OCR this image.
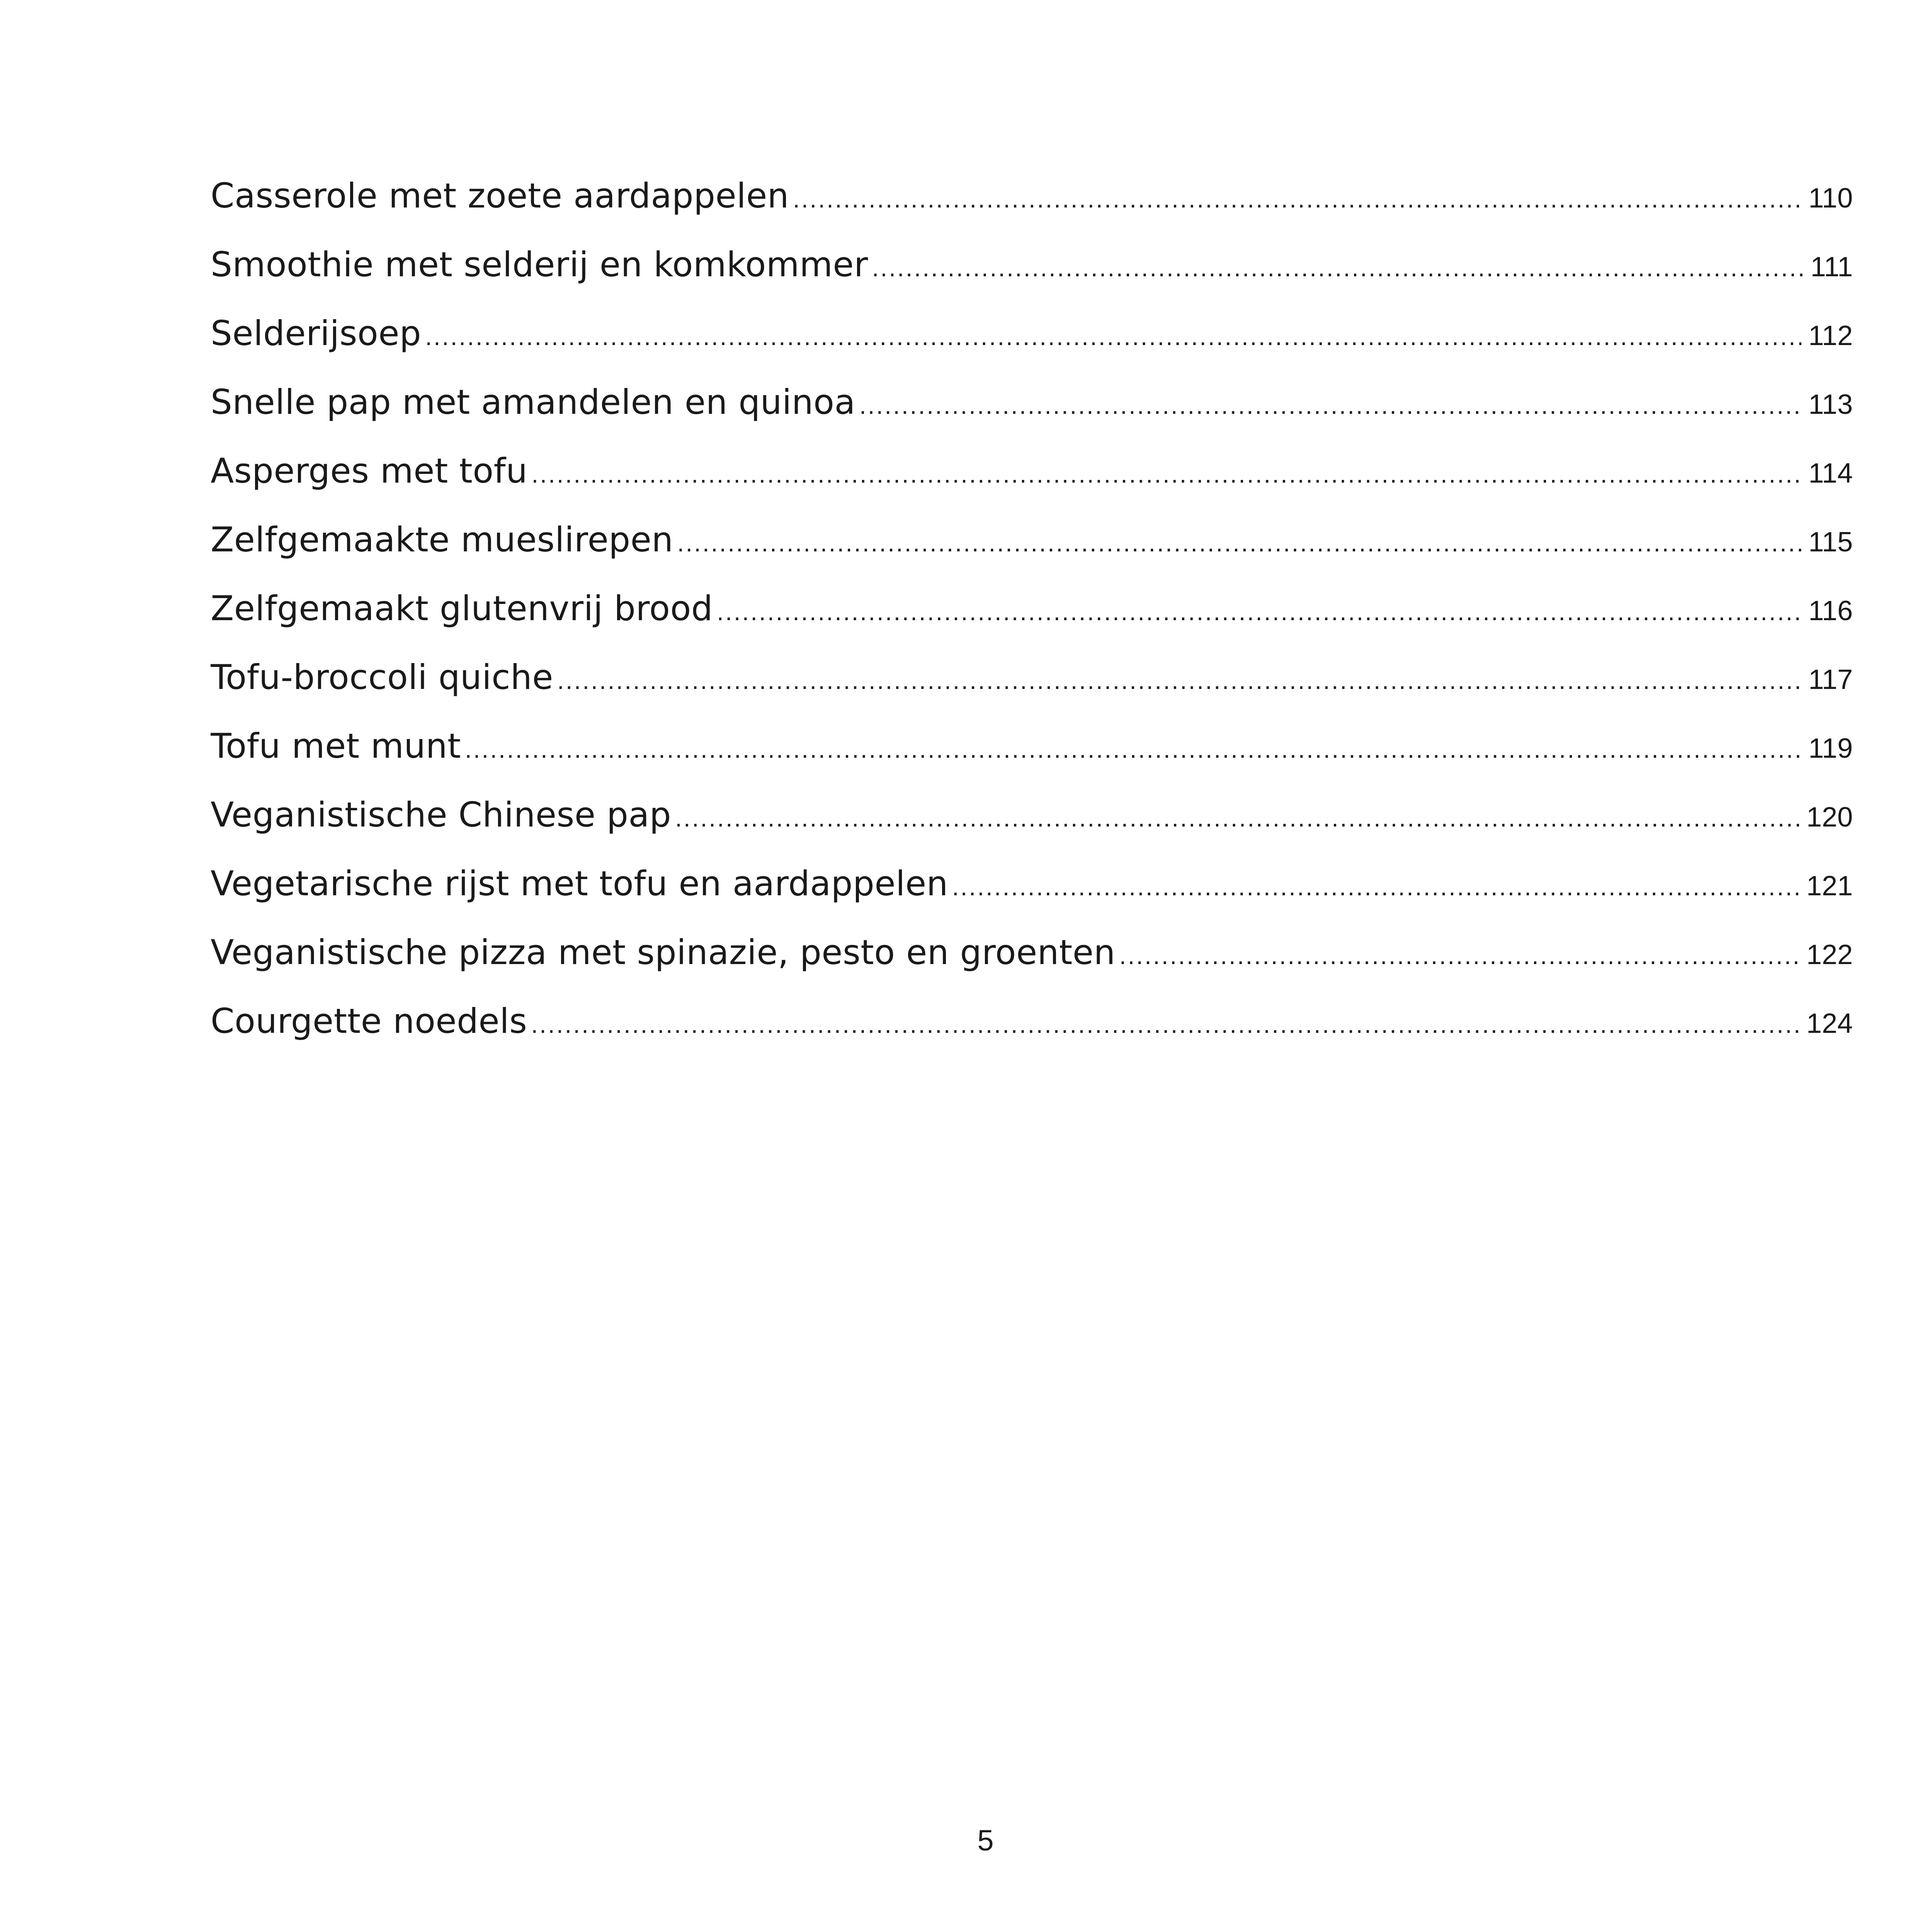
Casserole met zoete aardappelen .....	110
Smoothie met selderij en komkommer .....	111
Selderijsoep .....	112
Snelle pap met amandelen en quinoa .....	113
Asperges met tofu .....	114
Zelfgemaakte mueslirepen .....	115
Zelfgemaakt glutenvrij brood .....	116
Tofu-broccoli quiche .....	117
Tofu met munt .....	119
Veganistische Chinese pap .....	120
Vegetarische rijst met tofu en aardappelen .....	121
Veganistische pizza met spinazie, pesto en groenten .....	122
Courgette noedels .....	124
5
